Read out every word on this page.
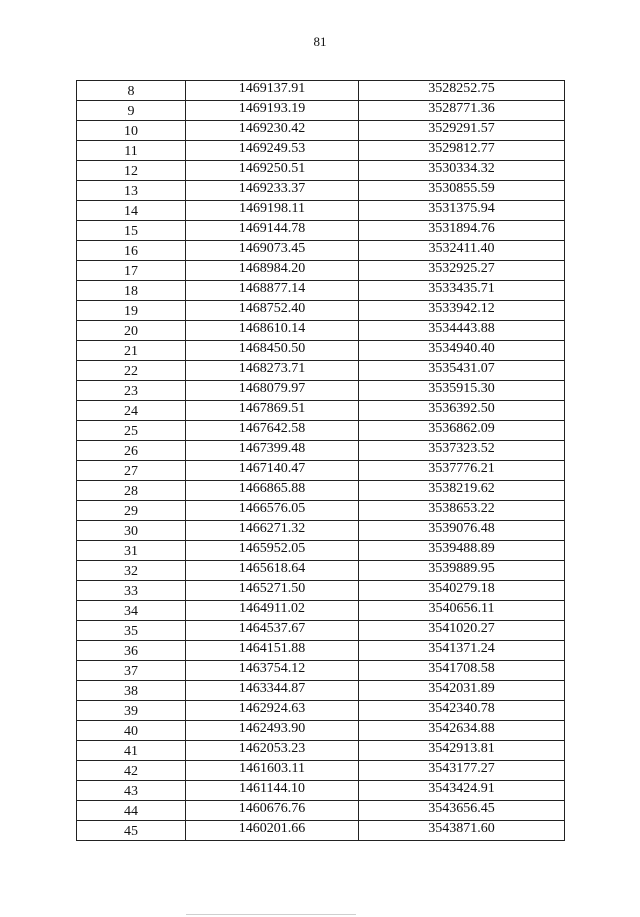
81
8	1469137.91	3528252.75
9	1469193.19	3528771.36
10	1469230.42	3529291.57
11	1469249.53	3529812.77
12	1469250.51	3530334.32
13	1469233.37	3530855.59
14	1469198.11	3531375.94
15	1469144.78	3531894.76
16	1469073.45	3532411.40
17	1468984.20	3532925.27
18	1468877.14	3533435.71
19	1468752.40	3533942.12
20	1468610.14	3534443.88
21	1468450.50	3534940.40
22	1468273.71	3535431.07
23	1468079.97	3535915.30
24	1467869.51	3536392.50
25	1467642.58	3536862.09
26	1467399.48	3537323.52
27	1467140.47	3537776.21
28	1466865.88	3538219.62
29	1466576.05	3538653.22
30	1466271.32	3539076.48
31	1465952.05	3539488.89
32	1465618.64	3539889.95
33	1465271.50	3540279.18
34	1464911.02	3540656.11
35	1464537.67	3541020.27
36	1464151.88	3541371.24
37	1463754.12	3541708.58
38	1463344.87	3542031.89
39	1462924.63	3542340.78
40	1462493.90	3542634.88
41	1462053.23	3542913.81
42	1461603.11	3543177.27
43	1461144.10	3543424.91
44	1460676.76	3543656.45
45	1460201.66	3543871.60
